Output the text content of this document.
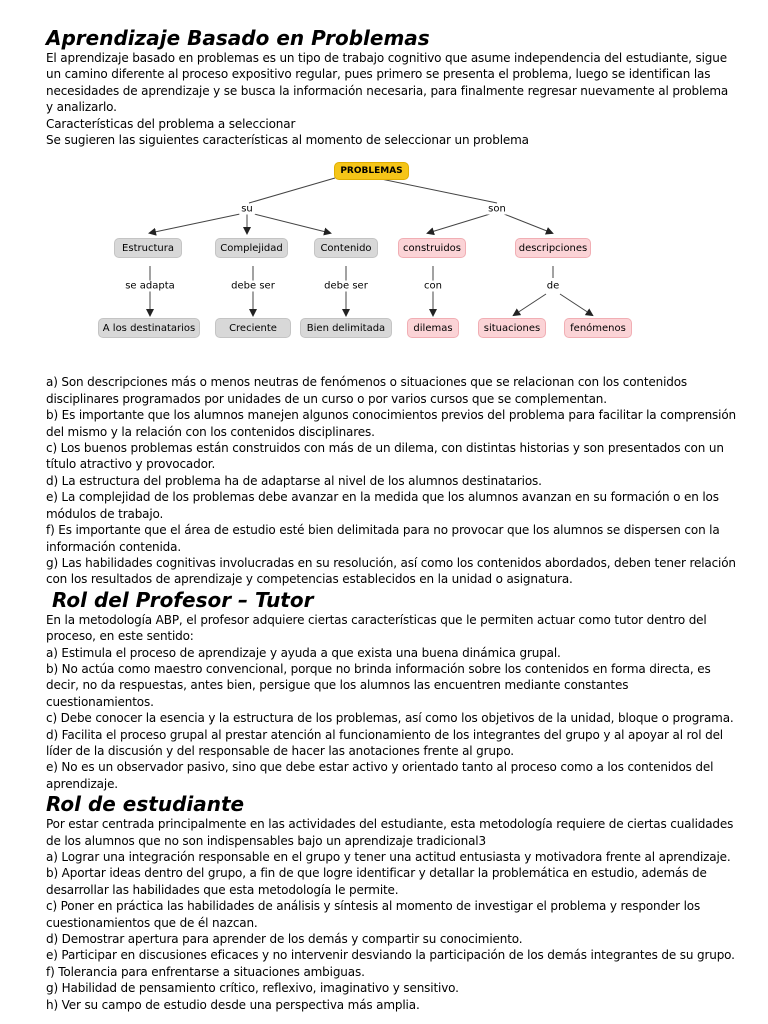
Aprendizaje Basado en Problemas

El aprendizaje basado en problemas es un tipo de trabajo cognitivo que asume independencia del estudiante, sigue un camino diferente al proceso expositivo regular, pues primero se presenta el problema, luego se identifican las necesidades de aprendizaje y se busca la información necesaria, para finalmente regresar nuevamente al problema y analizarlo.

Características del problema a seleccionar

Se sugieren las siguientes características al momento de seleccionar un problema

PROBLEMAS
su	son
Estructura	Complejidad	Contenido	construidos	descripciones
se adapta	debe ser	debe ser	con	de
A los destinatarios	Creciente	Bien delimitada	dilemas	situaciones	fenómenos

a) Son descripciones más o menos neutras de fenómenos o situaciones que se relacionan con los contenidos disciplinares programados por unidades de un curso o por varios cursos que se complementan.

b) Es importante que los alumnos manejen algunos conocimientos previos del problema para facilitar la comprensión del mismo y la relación con los contenidos disciplinares.

c) Los buenos problemas están construidos con más de un dilema, con distintas historias y son presentados con un título atractivo y provocador.

d) La estructura del problema ha de adaptarse al nivel de los alumnos destinatarios.

e) La complejidad de los problemas debe avanzar en la medida que los alumnos avanzan en su formación o en los módulos de trabajo.

f) Es importante que el área de estudio esté bien delimitada para no provocar que los alumnos se dispersen con la información contenida.

g) Las habilidades cognitivas involucradas en su resolución, así como los contenidos abordados, deben tener relación con los resultados de aprendizaje y competencias establecidos en la unidad o asignatura.

Rol del Profesor – Tutor

En la metodología ABP, el profesor adquiere ciertas características que le permiten actuar como tutor dentro del proceso, en este sentido:

a) Estimula el proceso de aprendizaje y ayuda a que exista una buena dinámica grupal.

b) No actúa como maestro convencional, porque no brinda información sobre los contenidos en forma directa, es decir, no da respuestas, antes bien, persigue que los alumnos las encuentren mediante constantes cuestionamientos.

c) Debe conocer la esencia y la estructura de los problemas, así como los objetivos de la unidad, bloque o programa.

d) Facilita el proceso grupal al prestar atención al funcionamiento de los integrantes del grupo y al apoyar al rol del líder de la discusión y del responsable de hacer las anotaciones frente al grupo.

e) No es un observador pasivo, sino que debe estar activo y orientado tanto al proceso como a los contenidos del aprendizaje.

Rol de estudiante

Por estar centrada principalmente en las actividades del estudiante, esta metodología requiere de ciertas cualidades de los alumnos que no son indispensables bajo un aprendizaje tradicional3

a) Lograr una integración responsable en el grupo y tener una actitud entusiasta y motivadora frente al aprendizaje.

b) Aportar ideas dentro del grupo, a fin de que logre identificar y detallar la problemática en estudio, además de desarrollar las habilidades que esta metodología le permite.

c) Poner en práctica las habilidades de análisis y síntesis al momento de investigar el problema y responder los cuestionamientos que de él nazcan.

d) Demostrar apertura para aprender de los demás y compartir su conocimiento.

e) Participar en discusiones eficaces y no intervenir desviando la participación de los demás integrantes de su grupo.

f) Tolerancia para enfrentarse a situaciones ambiguas.

g) Habilidad de pensamiento crítico, reflexivo, imaginativo y sensitivo.

h) Ver su campo de estudio desde una perspectiva más amplia.
